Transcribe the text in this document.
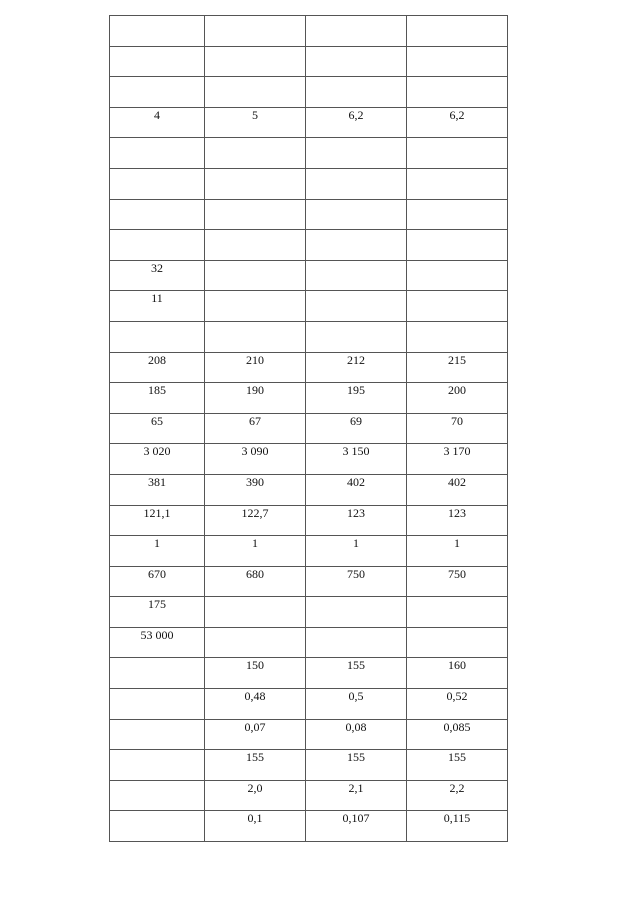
4	5	6,2	6,2

32			

11			

208	210	212	215

185	190	195	200

65	67	69	70

3 020	3 090	3 150	3 170

381	390	402	402

121,1	122,7	123	123

1	1	1	1

670	680	750	750

175			

53 000			

	150	155	160

	0,48	0,5	0,52

	0,07	0,08	0,085

	155	155	155

	2,0	2,1	2,2

	0,1	0,107	0,115
